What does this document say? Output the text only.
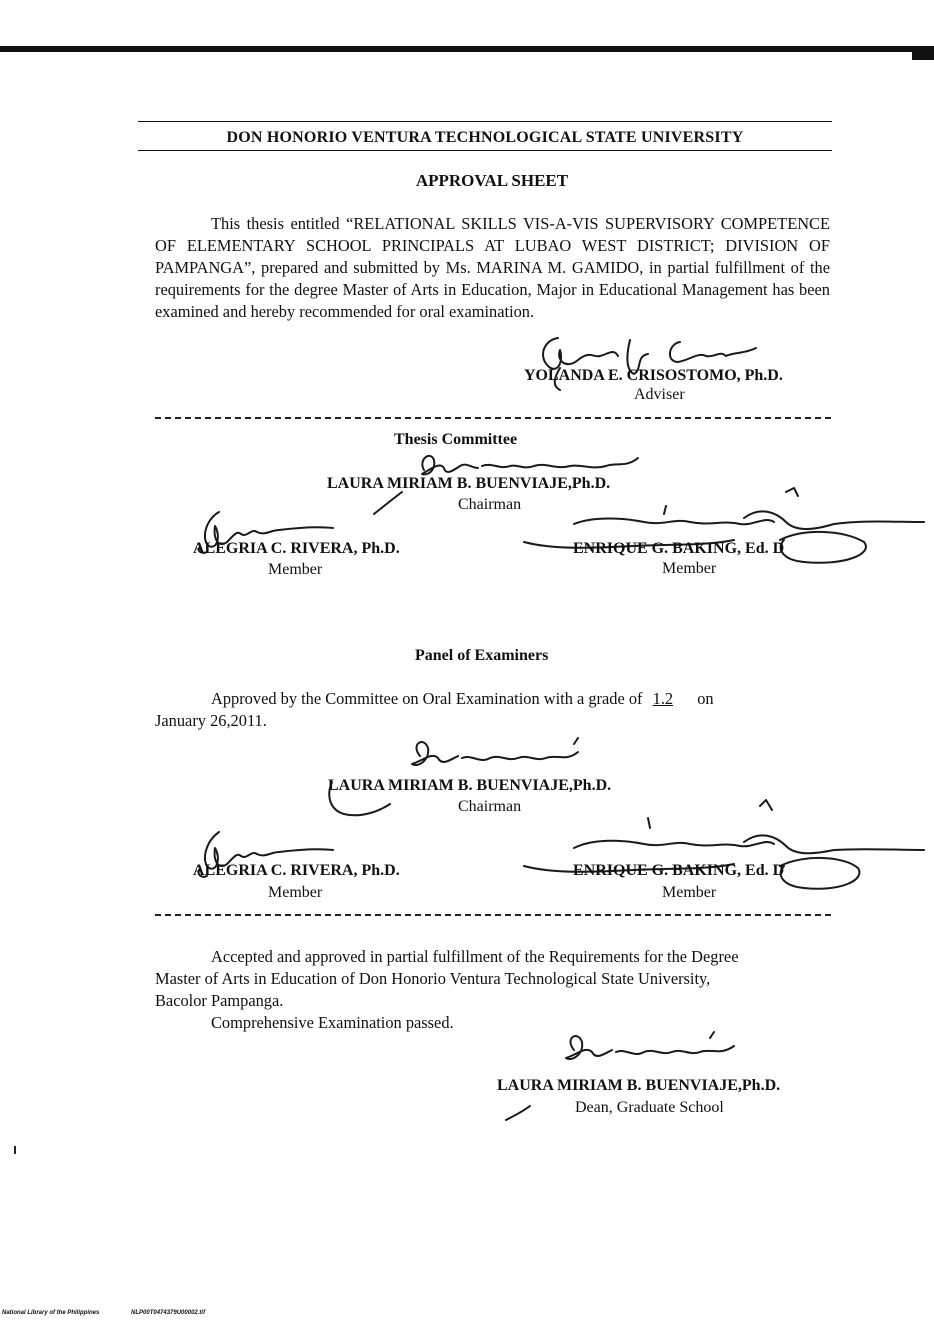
DON HONORIO VENTURA TECHNOLOGICAL STATE UNIVERSITY
APPROVAL SHEET
This thesis entitled “RELATIONAL SKILLS VIS-A-VIS SUPERVISORY COMPETENCE OF ELEMENTARY SCHOOL PRINCIPALS AT LUBAO WEST DISTRICT; DIVISION OF PAMPANGA”, prepared and submitted by Ms. MARINA M. GAMIDO, in partial fulfillment of the requirements for the degree Master of Arts in Education, Major in Educational Management has been examined and hereby recommended for oral examination.
YOLANDA E. CRISOSTOMO, Ph.D.
Adviser
Thesis Committee
LAURA MIRIAM B. BUENVIAJE,Ph.D.
Chairman
ALEGRIA C. RIVERA, Ph.D.
Member
ENRIQUE G. BAKING, Ed. D
Member
Panel of Examiners
Approved by the Committee on Oral Examination with a grade of 1.2 on
January 26,2011.
LAURA MIRIAM B. BUENVIAJE,Ph.D.
Chairman
ALEGRIA C. RIVERA, Ph.D.
Member
ENRIQUE G. BAKING, Ed. D
Member
Accepted and approved in partial fulfillment of the Requirements for the Degree
Master of Arts in Education of Don Honorio Ventura Technological State University,
Bacolor Pampanga.
Comprehensive Examination passed.
LAURA MIRIAM B. BUENVIAJE,Ph.D.
Dean, Graduate School
National Library of the Philippines	NLP00T0474379U00002.tif
